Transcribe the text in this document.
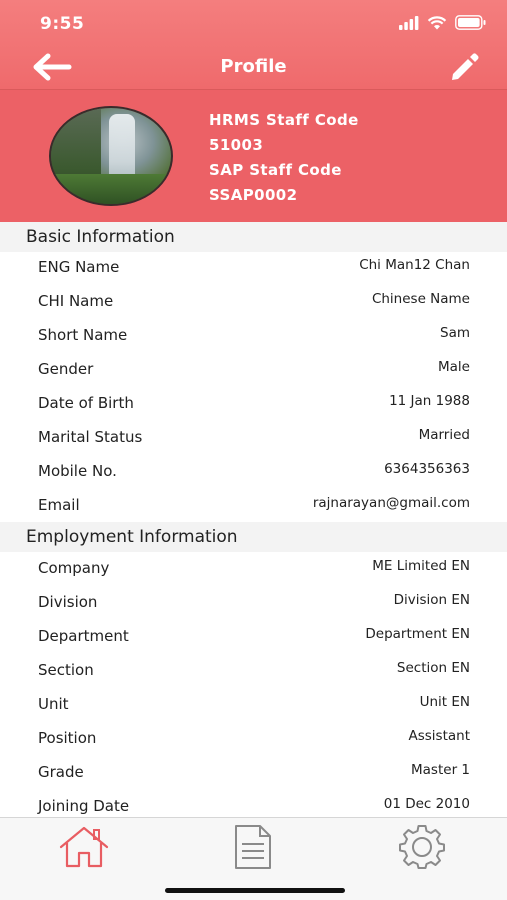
9:55
Profile
HRMS Staff Code
51003
SAP Staff Code
SSAP0002
Basic Information
ENG Name	Chi Man12 Chan
CHI Name	Chinese Name
Short Name	Sam
Gender	Male
Date of Birth	11 Jan 1988
Marital Status	Married
Mobile No.	6364356363
Email	rajnarayan@gmail.com
Employment Information
Company	ME Limited EN
Division	Division EN
Department	Department EN
Section	Section EN
Unit	Unit EN
Position	Assistant
Grade	Master 1
Joining Date	01 Dec 2010
